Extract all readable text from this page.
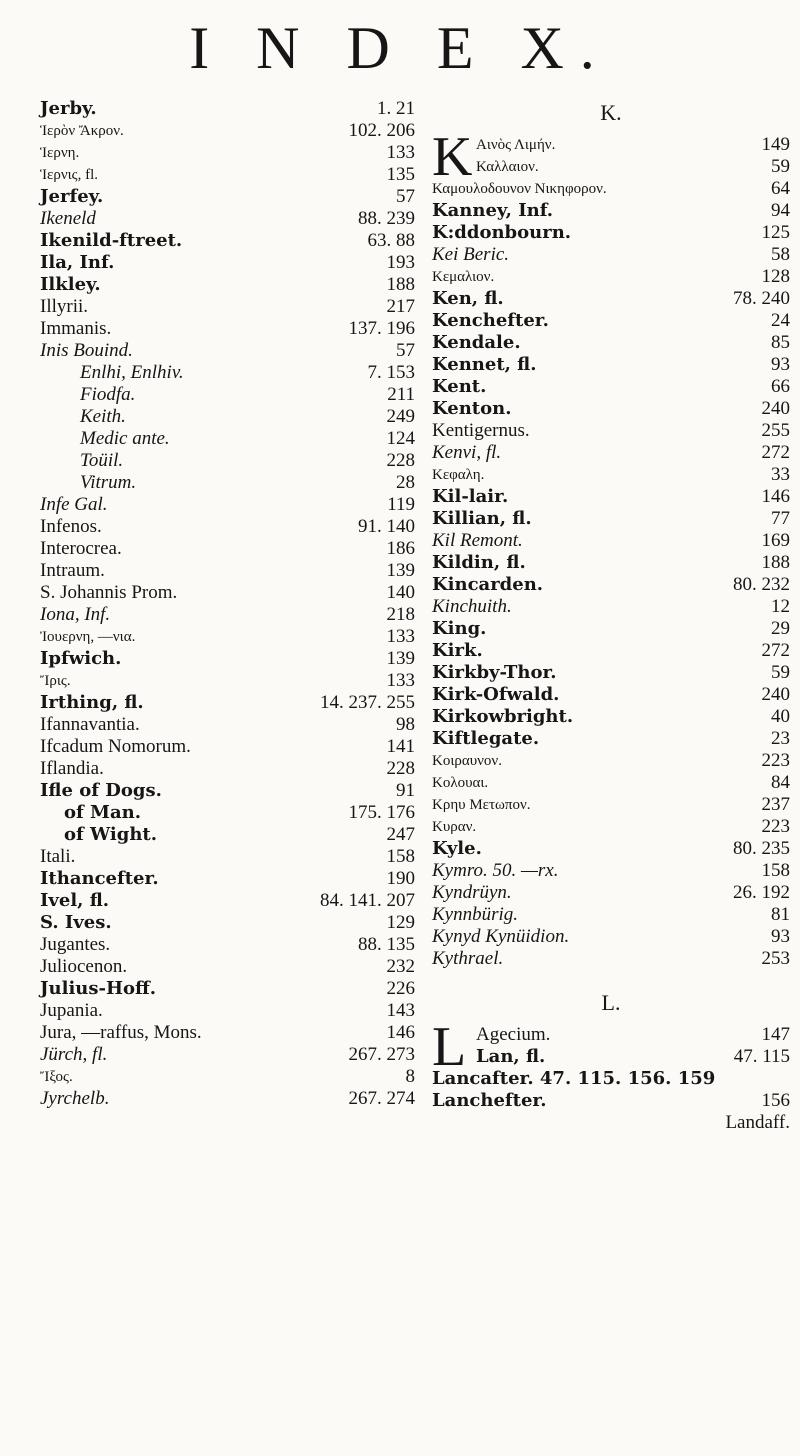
I N D E X.
Jerby.	1. 21
Ἱερὸν Ἄκρον.	102. 206
Ἱερνη.	133
Ἱερνις, fl.	135
Jerfey.	57
Ikeneld	88. 239
Ikenild-ftreet.	63. 88
Ila, Inf.	193
Ilkley.	188
Illyrii.	217
Immanis.	137. 196
Inis Bouind.	57
Enlhi, Enlhiv.	7. 153
Fiodfa.	211
Keith.	249
Medic ante.	124
Toüil.	228
Vitrum.	28
Infe Gal.	119
Infenos.	91. 140
Interocrea.	186
Intraum.	139
S. Johannis Prom.	140
Iona, Inf.	218
Ἰουερνη, —νια.	133
Ipfwich.	139
Ἴρις.	133
Irthing, fl.	14. 237. 255
Ifannavantia.	98
Ifcadum Nomorum.	141
Iflandia.	228
Ifle of Dogs.	91
of Man.	175. 176
of Wight.	247
Itali.	158
Ithancefter.	190
Ivel, fl.	84. 141. 207
S. Ives.	129
Jugantes.	88. 135
Juliocenon.	232
Julius-Hoff.	226
Jupania.	143
Jura, —raffus, Mons.	146
Jürch, fl.	267. 273
Ἴξος.	8
Jyrchelb.	267. 274
K.
K Αινὸς Λιμήν.	149
Καλλαιον.	59
Καμουλοδουνον Νικηφορον.	64
Kanney, Inf.	94
K:ddonbourn.	125
Kei Beric.	58
Κεμαλιον.	128
Ken, fl.	78. 240
Kenchefter.	24
Kendale.	85
Kennet, fl.	93
Kent.	66
Kenton.	240
Kentigernus.	255
Kenvi, fl.	272
Κεφαλη.	33
Kil-lair.	146
Killian, fl.	77
Kil Remont.	169
Kildin, fl.	188
Kincarden.	80. 232
Kinchuith.	12
King.	29
Kirk.	272
Kirkby-Thor.	59
Kirk-Ofwald.	240
Kirkowbright.	40
Kiftlegate.	23
Κοιραυνον.	223
Κολουαι.	84
Κρηυ Μετωπον.	237
Κυραν.	223
Kyle.	80. 235
Kymro. 50. —rx.	158
Kyndrüyn.	26. 192
Kynnbürig.	81
Kynyd Kynüidion.	93
Kythrael.	253
L.
L Agecium.	147
Lan, fl.	47. 115
Lancafter. 47. 115. 156. 159
Lanchefter.	156
Landaff.
